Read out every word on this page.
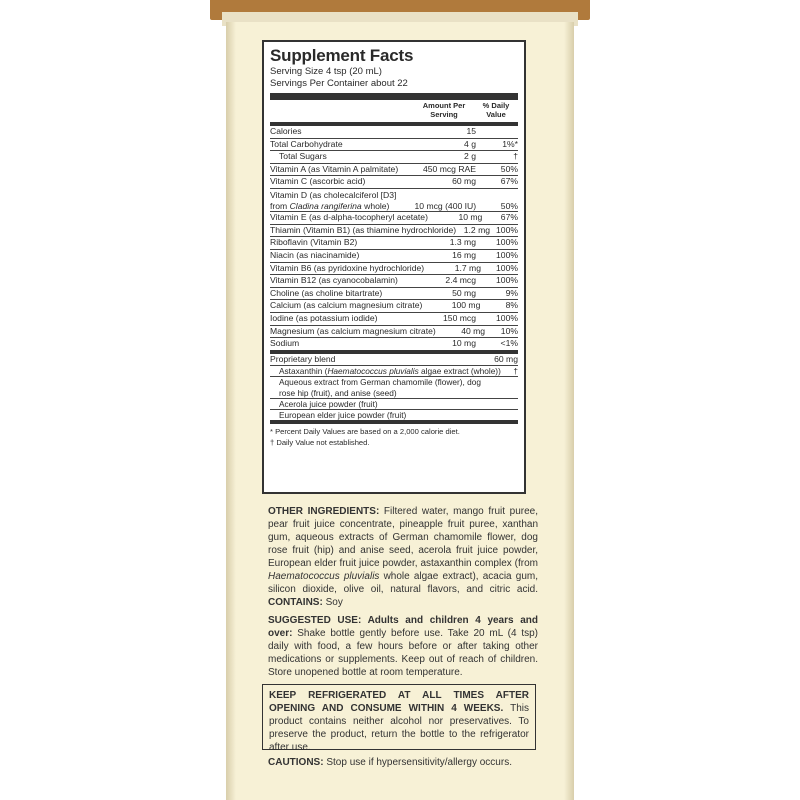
Supplement Facts
Serving Size 4 tsp (20 mL)
Servings Per Container about 22
Amount Per Serving
% Daily Value
Calories	15
Total Carbohydrate	4 g	1%*
Total Sugars	2 g	†
Vitamin A (as Vitamin A palmitate)	450 mcg RAE	50%
Vitamin C (ascorbic acid)	60 mg	67%
Vitamin D (as cholecalciferol [D3]
from Cladina rangiferina whole)	10 mcg (400 IU)	50%
Vitamin E (as d-alpha-tocopheryl acetate)	10 mg	67%
Thiamin (Vitamin B1) (as thiamine hydrochloride) 1.2 mg 100%
Riboflavin (Vitamin B2)	1.3 mg	100%
Niacin (as niacinamide)	16 mg	100%
Vitamin B6 (as pyridoxine hydrochloride)	1.7 mg	100%
Vitamin B12 (as cyanocobalamin)	2.4 mcg	100%
Choline (as choline bitartrate)	50 mg	9%
Calcium (as calcium magnesium citrate)	100 mg	8%
Iodine (as potassium iodide)	150 mcg	100%
Magnesium (as calcium magnesium citrate)	40 mg	10%
Sodium	10 mg	<1%
Proprietary blend	60 mg
Astaxanthin (Haematococcus pluvialis algae extract (whole))	†
Aqueous extract from German chamomile (flower), dog rose hip (fruit), and anise (seed)
Acerola juice powder (fruit)
European elder juice powder (fruit)
* Percent Daily Values are based on a 2,000 calorie diet.
† Daily Value not established.
OTHER INGREDIENTS: Filtered water, mango fruit puree, pear fruit juice concentrate, pineapple fruit puree, xanthan gum, aqueous extracts of German chamomile flower, dog rose fruit (hip) and anise seed, acerola fruit juice powder, European elder fruit juice powder, astaxanthin complex (from Haematococcus pluvialis whole algae extract), acacia gum, silicon dioxide, olive oil, natural flavors, and citric acid. CONTAINS: Soy
SUGGESTED USE: Adults and children 4 years and over: Shake bottle gently before use. Take 20 mL (4 tsp) daily with food, a few hours before or after taking other medications or supplements. Keep out of reach of children. Store unopened bottle at room temperature.
KEEP REFRIGERATED AT ALL TIMES AFTER OPENING AND CONSUME WITHIN 4 WEEKS. This product contains neither alcohol nor preservatives. To preserve the product, return the bottle to the refrigerator after use.
CAUTIONS: Stop use if hypersensitivity/allergy occurs.
